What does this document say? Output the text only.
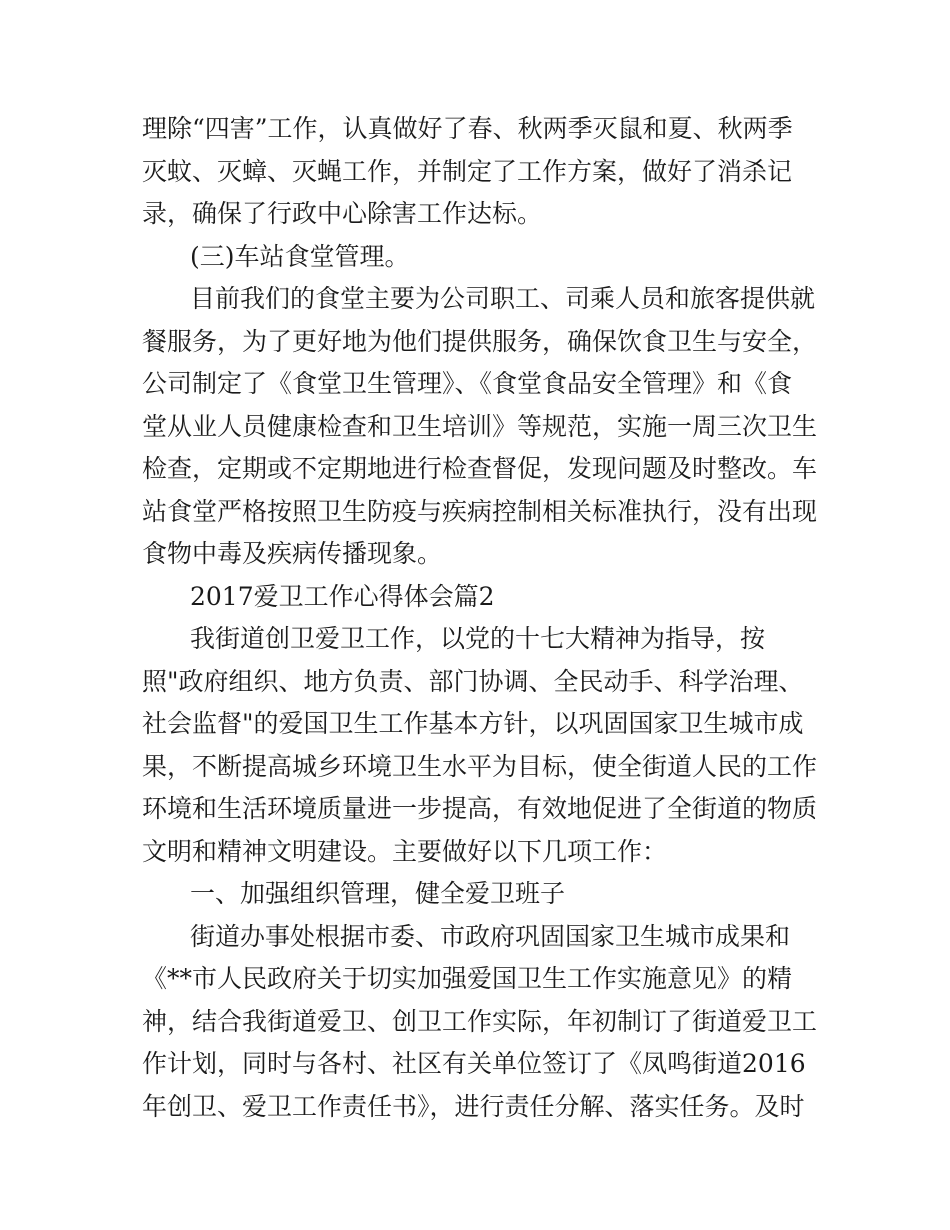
理除“四害”工作，认真做好了春、秋两季灭鼠和夏、秋两季
灭蚊、灭蟑、灭蝇工作，并制定了工作方案，做好了消杀记
录，确保了行政中心除害工作达标。
(三)车站食堂管理。
目前我们的食堂主要为公司职工、司乘人员和旅客提供就
餐服务，为了更好地为他们提供服务，确保饮食卫生与安全，
公司制定了《食堂卫生管理》、《食堂食品安全管理》和《食
堂从业人员健康检查和卫生培训》等规范，实施一周三次卫生
检查，定期或不定期地进行检查督促，发现问题及时整改。车
站食堂严格按照卫生防疫与疾病控制相关标准执行，没有出现
食物中毒及疾病传播现象。
2017爱卫工作心得体会篇2
我街道创卫爱卫工作，以党的十七大精神为指导，按
照"政府组织、地方负责、部门协调、全民动手、科学治理、
社会监督"的爱国卫生工作基本方针，以巩固国家卫生城市成
果，不断提高城乡环境卫生水平为目标，使全街道人民的工作
环境和生活环境质量进一步提高，有效地促进了全街道的物质
文明和精神文明建设。主要做好以下几项工作：
一、加强组织管理，健全爱卫班子
街道办事处根据市委、市政府巩固国家卫生城市成果和
《**市人民政府关于切实加强爱国卫生工作实施意见》的精
神，结合我街道爱卫、创卫工作实际，年初制订了街道爱卫工
作计划，同时与各村、社区有关单位签订了《凤鸣街道2016
年创卫、爱卫工作责任书》，进行责任分解、落实任务。及时
